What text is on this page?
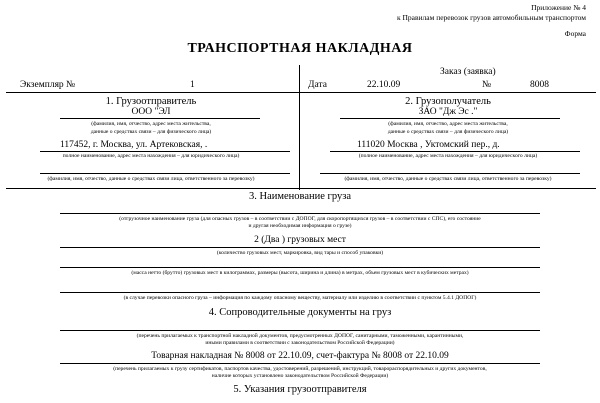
Приложение № 4
к Правилам перевозок грузов автомобильным транспортом
Форма
ТРАНСПОРТНАЯ НАКЛАДНАЯ
Заказ (заявка)
Экземпляр №	1	Дата	22.10.09	№	8008
1. Грузоотправитель
ООО "ЭЛ
(фамилия, имя, отчество, адрес места жительства,
данные о средствах связи – для физического лица)
117452, г. Москва, ул. Артековская, .
полное наименование, адрес места нахождения – для юридического лица)
(фамилия, имя, отчество, данные о средствах связи лица, ответственного за перевозку)
2. Грузополучатель
ЗАО "Дж Эс ."
(фамилия, имя, отчество, адрес места жительства,
данные о средствах связи – для физического лица)
111020 Москва , Уктомский пер., д.
(полное наименование, адрес места нахождения – для юридического лица)
(фамилия, имя, отчество, данные о средствах связи лица, ответственного за перевозку)
3. Наименование груза
(отгрузочное наименование груза (для опасных грузов – в соответствии с ДОПОГ, для скоропортящихся грузов – в соответствии с СПС), его состояние
и другая необходимая информация о грузе)
2 (Два ) грузовых мест
(количество грузовых мест, маркировка, вид тары и способ упаковки)
(масса нетто (брутто) грузовых мест в килограммах, размеры (высота, ширина и длина) в метрах, объем грузовых мест в кубических метрах)
(в случае перевозки опасного груза – информация по каждому опасному веществу, материалу или изделию в соответствии с пунктом 5.4.1 ДОПОГ)
4. Сопроводительные документы на груз
(перечень прилагаемых к транспортной накладной документов, предусмотренных ДОПОГ, санитарными, таможенными, карантинными,
иными правилами в соответствии с законодательством Российской Федерации)
Товарная накладная № 8008 от 22.10.09, счет-фактура № 8008 от 22.10.09
(перечень прилагаемых к грузу сертификатов, паспортов качества, удостоверений, разрешений, инструкций, товарораспорядительных и других документов,
наличие которых установлено законодательством Российской Федерации)
5. Указания грузоотправителя
